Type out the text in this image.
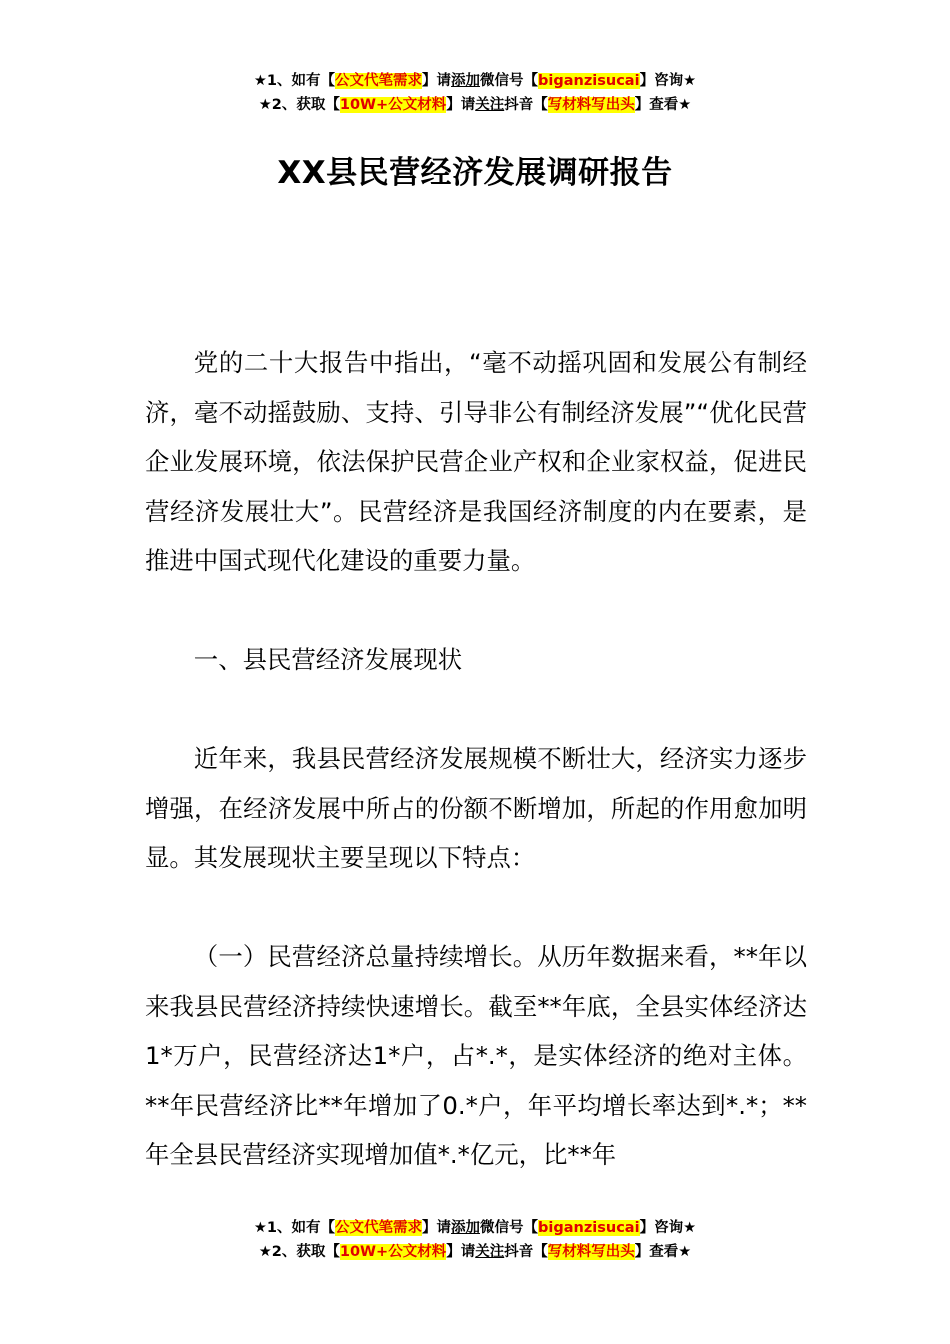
★1、如有【公文代笔需求】请添加微信号【biganzisucai】咨询★
★2、获取【10W+公文材料】请关注抖音【写材料写出头】查看★
XX县民营经济发展调研报告

党的二十大报告中指出，“毫不动摇巩固和发展公有制经济，毫不动摇鼓励、支持、引导非公有制经济发展”“优化民营企业发展环境，依法保护民营企业产权和企业家权益，促进民营经济发展壮大”。民营经济是我国经济制度的内在要素，是推进中国式现代化建设的重要力量。

一、县民营经济发展现状

近年来，我县民营经济发展规模不断壮大，经济实力逐步增强，在经济发展中所占的份额不断增加，所起的作用愈加明显。其发展现状主要呈现以下特点：

（一）民营经济总量持续增长。从历年数据来看，**年以来我县民营经济持续快速增长。截至**年底，全县实体经济达1*万户，民营经济达1*户，占*.*，是实体经济的绝对主体。**年民营经济比**年增加了0.*户，年平均增长率达到*.*；**年全县民营经济实现增加值*.*亿元，比**年

★1、如有【公文代笔需求】请添加微信号【biganzisucai】咨询★
★2、获取【10W+公文材料】请关注抖音【写材料写出头】查看★
